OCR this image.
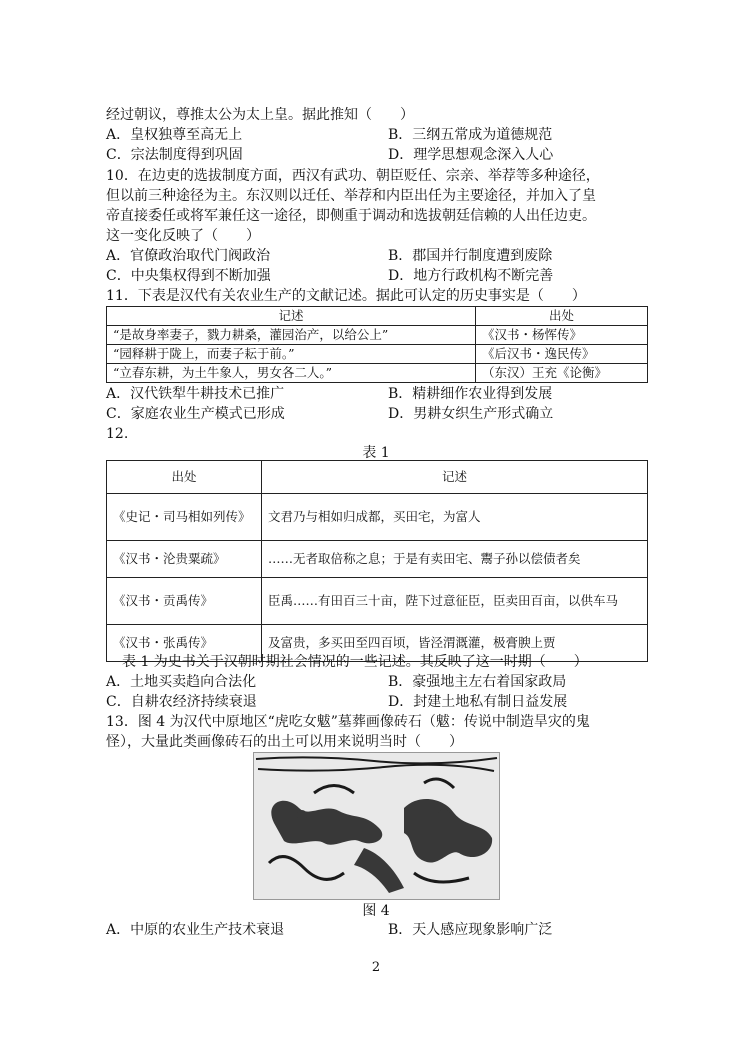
经过朝议，尊推太公为太上皇。据此推知（　　）
A．皇权独尊至高无上	B．三纲五常成为道德规范
C．宗法制度得到巩固	D．理学思想观念深入人心
10．在边吏的选拔制度方面，西汉有武功、朝臣贬任、宗亲、举荐等多种途径，
但以前三种途径为主。东汉则以迁任、举荐和内臣出任为主要途径，并加入了皇
帝直接委任或将军兼任这一途径，即侧重于调动和选拔朝廷信赖的人出任边吏。
这一变化反映了（　　）
A．官僚政治取代门阀政治	B．郡国并行制度遭到废除
C．中央集权得到不断加强	D．地方行政机构不断完善
11．下表是汉代有关农业生产的文献记述。据此可认定的历史事实是（　　）
记述	出处
“是故身率妻子，戮力耕桑，灌园治产，以给公上”	《汉书・杨恽传》
“园释耕于陇上，而妻子耘于前。”	《后汉书・逸民传》
“立春东耕，为土牛象人，男女各二人。”	（东汉）王充《论衡》
A．汉代铁犁牛耕技术已推广	B．精耕细作农业得到发展
C．家庭农业生产模式已形成	D．男耕女织生产形式确立
12.
表 1
出处	记述
《史记・司马相如列传》	文君乃与相如归成都，买田宅，为富人
《汉书・沦贵粟疏》	……无者取倍称之息；于是有卖田宅、鬻子孙以偿债者矣
《汉书・贡禹传》	臣禹……有田百三十亩，陛下过意征臣，臣卖田百亩，以供车马
《汉书・张禹传》	及富贵，多买田至四百顷，皆泾渭溉灌，极膏腴上贾
表 1 为史书关于汉朝时期社会情况的一些记述。其反映了这一时期（　　）
A．土地买卖趋向合法化	B．豪强地主左右着国家政局
C．自耕农经济持续衰退	D．封建土地私有制日益发展
13．图 4 为汉代中原地区“虎吃女魃”墓葬画像砖石（魃：传说中制造旱灾的鬼
怪），大量此类画像砖石的出土可以用来说明当时（　　）
图 4
A．中原的农业生产技术衰退	B．天人感应现象影响广泛
2
